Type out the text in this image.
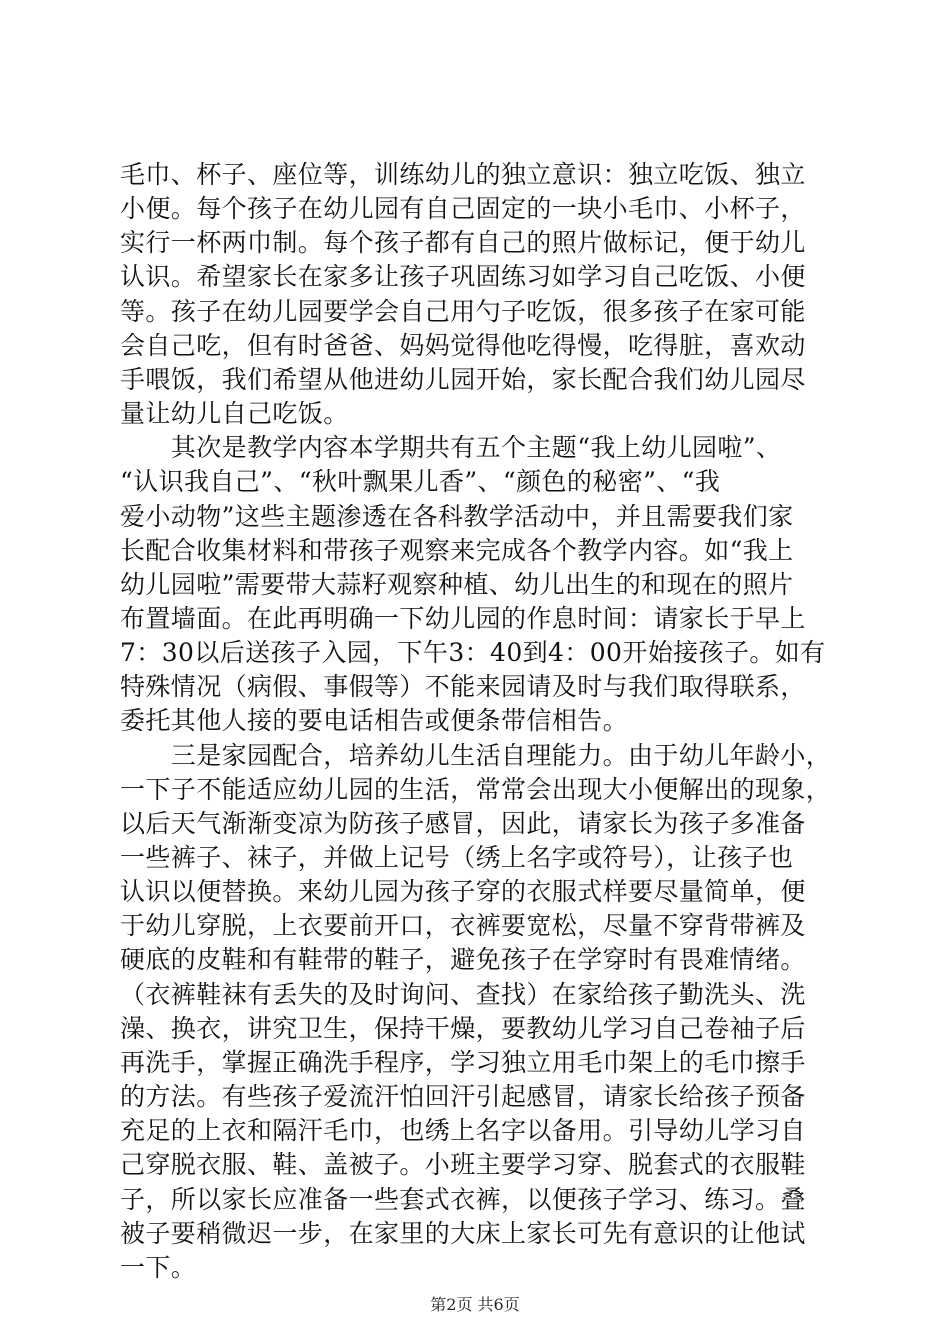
毛巾、杯子、座位等，训练幼儿的独立意识：独立吃饭、独立
小便。每个孩子在幼儿园有自己固定的一块小毛巾、小杯子，
实行一杯两巾制。每个孩子都有自己的照片做标记，便于幼儿
认识。希望家长在家多让孩子巩固练习如学习自己吃饭、小便
等。孩子在幼儿园要学会自己用勺子吃饭，很多孩子在家可能
会自己吃，但有时爸爸、妈妈觉得他吃得慢，吃得脏，喜欢动
手喂饭，我们希望从他进幼儿园开始，家长配合我们幼儿园尽
量让幼儿自己吃饭。
　　其次是教学内容本学期共有五个主题“我上幼儿园啦”、
“认识我自己”、“秋叶飘果儿香”、“颜色的秘密”、“我
爱小动物”这些主题渗透在各科教学活动中，并且需要我们家
长配合收集材料和带孩子观察来完成各个教学内容。如“我上
幼儿园啦”需要带大蒜籽观察种植、幼儿出生的和现在的照片
布置墙面。在此再明确一下幼儿园的作息时间：请家长于早上
7：30以后送孩子入园，下午3：40到4：00开始接孩子。如有
特殊情况（病假、事假等）不能来园请及时与我们取得联系，
委托其他人接的要电话相告或便条带信相告。
　　三是家园配合，培养幼儿生活自理能力。由于幼儿年龄小，
一下子不能适应幼儿园的生活，常常会出现大小便解出的现象，
以后天气渐渐变凉为防孩子感冒，因此，请家长为孩子多准备
一些裤子、袜子，并做上记号（绣上名字或符号），让孩子也
认识以便替换。来幼儿园为孩子穿的衣服式样要尽量简单，便
于幼儿穿脱，上衣要前开口，衣裤要宽松，尽量不穿背带裤及
硬底的皮鞋和有鞋带的鞋子，避免孩子在学穿时有畏难情绪。
（衣裤鞋袜有丢失的及时询问、查找）在家给孩子勤洗头、洗
澡、换衣，讲究卫生，保持干燥，要教幼儿学习自己卷袖子后
再洗手，掌握正确洗手程序，学习独立用毛巾架上的毛巾擦手
的方法。有些孩子爱流汗怕回汗引起感冒，请家长给孩子预备
充足的上衣和隔汗毛巾，也绣上名字以备用。引导幼儿学习自
己穿脱衣服、鞋、盖被子。小班主要学习穿、脱套式的衣服鞋
子，所以家长应准备一些套式衣裤，以便孩子学习、练习。叠
被子要稍微迟一步，在家里的大床上家长可先有意识的让他试
一下。
第2页 共6页
